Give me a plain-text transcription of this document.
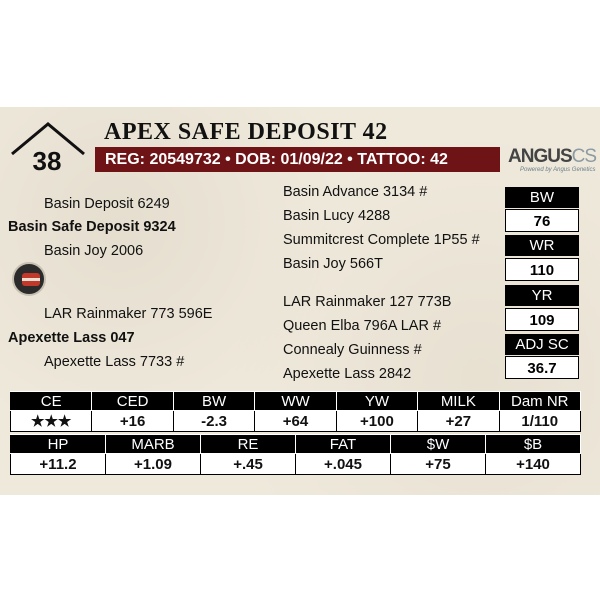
38
APEX SAFE DEPOSIT 42
REG: 20549732 • DOB: 01/09/22 • TATTOO: 42	ANGUSCS
Powered by Angus Genetics
Basin Deposit 6249
Basin Safe Deposit 9324
Basin Joy 2006
LAR Rainmaker 773 596E
Apexette Lass 047
Apexette Lass 7733 #
Basin Advance 3134 #
Basin Lucy 4288
Summitcrest Complete 1P55 #
Basin Joy 566T
LAR Rainmaker 127 773B
Queen Elba 796A LAR #
Connealy Guinness #
Apexette Lass 2842
BW
76
WR
110
YR
109
ADJ SC
36.7
CE	CED	BW	WW	YW	MILK	Dam NR
★★★	+16	-2.3	+64	+100	+27	1/110
HP	MARB	RE	FAT	$W	$B
+11.2	+1.09	+.45	+.045	+75	+140
